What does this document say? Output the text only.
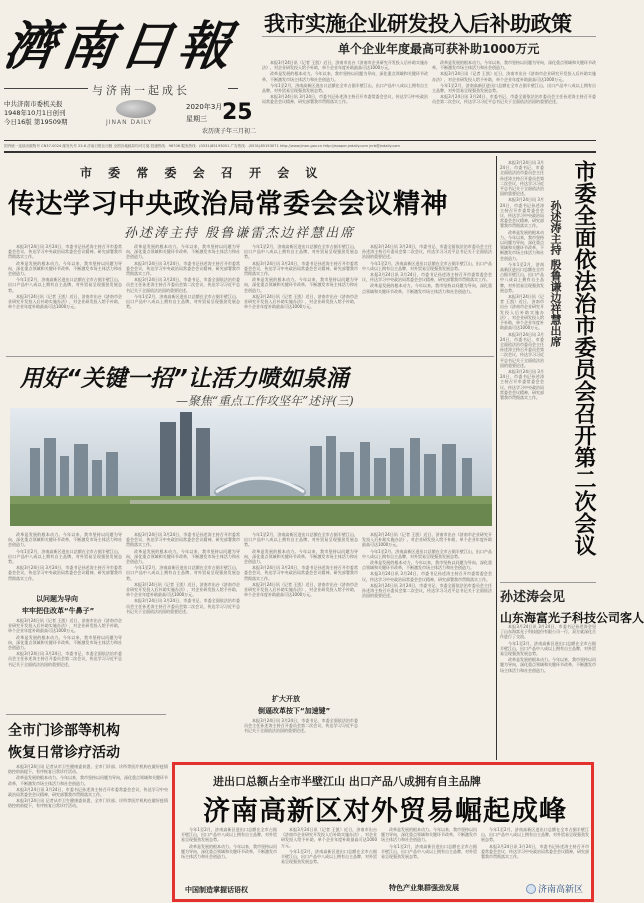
濟南日報
与济南一起成长
中共济南市委机关报
1948年10月1日创刊
今日16版 第19509期	JINAN DAILY
2020年3月 25
星期三
农历庚子年三月初二
国内统一连续出版物号 CN37-0024 邮发代号 23-8 济南日报社出版 全国各地邮局均可订阅 投递热线：96706 服务热线：(0531)85193051 广告热线：(0531)85193071 http://www.jinan.gov.cn http://epaper.jndaily.com jnrb@jndaily.com
我市实施企业研发投入后补助政策
单个企业年度最高可获补助1000万元

本报3月24日讯（记者 王凯）近日，济南市出台《济南市企业研究开发投入后补助实施办法》，对企业研发投入给予补助，单个企业年度补助最高可达1000万元。

改革是发展的根本动力。今年以来，我市坚持以问题为导向，深化重点领域和关键环节改革，不断激发市场主体活力和社会创造力。

今年1至2月，济南高新区进出口总额在全市占据半壁江山，出口产品中八成以上拥有自主品牌，对外贸易呈现强劲发展态势。

本报3月24日讯 3月24日，市委书记孙述涛主持召开市委常委会会议，传达学习中央政治局常委会会议精神，研究部署我市贯彻落实工作。

改革是发展的根本动力。今年以来，我市坚持以问题为导向，深化重点领域和关键环节改革，不断激发市场主体活力和社会创造力。

本报3月24日讯（记者 王凯）近日，济南市出台《济南市企业研究开发投入后补助实施办法》，对企业研发投入给予补助，单个企业年度补助最高可达1000万元。

今年1至2月，济南高新区进出口总额在全市占据半壁江山，出口产品中八成以上拥有自主品牌，对外贸易呈现强劲发展态势。

本报3月24日讯 3月24日，市委书记、市委全面依法治市委员会主任孙述涛主持召开委员会第二次会议，传达学习习近平总书记关于全面依法治国的重要论述。

市 委 常 委 会 召 开 会 议
传达学习中央政治局常委会会议精神
孙述涛主持 殷鲁谦雷杰边祥慧出席

本报3月24日讯 3月24日，市委书记孙述涛主持召开市委常委会会议，传达学习中央政治局常委会会议精神，研究部署我市贯彻落实工作。

改革是发展的根本动力。今年以来，我市坚持以问题为导向，深化重点领域和关键环节改革，不断激发市场主体活力和社会创造力。

今年1至2月，济南高新区进出口总额在全市占据半壁江山，出口产品中八成以上拥有自主品牌，对外贸易呈现强劲发展态势。

本报3月24日讯（记者 王凯）近日，济南市出台《济南市企业研究开发投入后补助实施办法》，对企业研发投入给予补助，单个企业年度补助最高可达1000万元。

改革是发展的根本动力。今年以来，我市坚持以问题为导向，深化重点领域和关键环节改革，不断激发市场主体活力和社会创造力。

本报3月24日讯 3月24日，市委书记孙述涛主持召开市委常委会会议，传达学习中央政治局常委会会议精神，研究部署我市贯彻落实工作。

本报3月24日讯 3月24日，市委书记、市委全面依法治市委员会主任孙述涛主持召开委员会第二次会议，传达学习习近平总书记关于全面依法治国的重要论述。

今年1至2月，济南高新区进出口总额在全市占据半壁江山，出口产品中八成以上拥有自主品牌，对外贸易呈现强劲发展态势。

今年1至2月，济南高新区进出口总额在全市占据半壁江山，出口产品中八成以上拥有自主品牌，对外贸易呈现强劲发展态势。

本报3月24日讯 3月24日，市委书记孙述涛主持召开市委常委会会议，传达学习中央政治局常委会会议精神，研究部署我市贯彻落实工作。

改革是发展的根本动力。今年以来，我市坚持以问题为导向，深化重点领域和关键环节改革，不断激发市场主体活力和社会创造力。

本报3月24日讯（记者 王凯）近日，济南市出台《济南市企业研究开发投入后补助实施办法》，对企业研发投入给予补助，单个企业年度补助最高可达1000万元。

本报3月24日讯 3月24日，市委书记、市委全面依法治市委员会主任孙述涛主持召开委员会第二次会议，传达学习习近平总书记关于全面依法治国的重要论述。

今年1至2月，济南高新区进出口总额在全市占据半壁江山，出口产品中八成以上拥有自主品牌，对外贸易呈现强劲发展态势。

本报3月24日讯 3月24日，市委书记孙述涛主持召开市委常委会会议，传达学习中央政治局常委会会议精神，研究部署我市贯彻落实工作。

改革是发展的根本动力。今年以来，我市坚持以问题为导向，深化重点领域和关键环节改革，不断激发市场主体活力和社会创造力。

用好“关键一招”让活力喷如泉涌
—聚焦“重点工作攻坚年”述评(三)

改革是发展的根本动力。今年以来，我市坚持以问题为导向，深化重点领域和关键环节改革，不断激发市场主体活力和社会创造力。

今年1至2月，济南高新区进出口总额在全市占据半壁江山，出口产品中八成以上拥有自主品牌，对外贸易呈现强劲发展态势。

本报3月24日讯 3月24日，市委书记孙述涛主持召开市委常委会会议，传达学习中央政治局常委会会议精神，研究部署我市贯彻落实工作。

以问题为导向
牢牢把住改革“牛鼻子”

本报3月24日讯（记者 王凯）近日，济南市出台《济南市企业研究开发投入后补助实施办法》，对企业研发投入给予补助，单个企业年度补助最高可达1000万元。

改革是发展的根本动力。今年以来，我市坚持以问题为导向，深化重点领域和关键环节改革，不断激发市场主体活力和社会创造力。

本报3月24日讯 3月24日，市委书记、市委全面依法治市委员会主任孙述涛主持召开委员会第二次会议，传达学习习近平总书记关于全面依法治国的重要论述。

本报3月24日讯 3月24日，市委书记孙述涛主持召开市委常委会会议，传达学习中央政治局常委会会议精神，研究部署我市贯彻落实工作。

改革是发展的根本动力。今年以来，我市坚持以问题为导向，深化重点领域和关键环节改革，不断激发市场主体活力和社会创造力。

今年1至2月，济南高新区进出口总额在全市占据半壁江山，出口产品中八成以上拥有自主品牌，对外贸易呈现强劲发展态势。

本报3月24日讯（记者 王凯）近日，济南市出台《济南市企业研究开发投入后补助实施办法》，对企业研发投入给予补助，单个企业年度补助最高可达1000万元。

本报3月24日讯 3月24日，市委书记、市委全面依法治市委员会主任孙述涛主持召开委员会第二次会议，传达学习习近平总书记关于全面依法治国的重要论述。

今年1至2月，济南高新区进出口总额在全市占据半壁江山，出口产品中八成以上拥有自主品牌，对外贸易呈现强劲发展态势。

改革是发展的根本动力。今年以来，我市坚持以问题为导向，深化重点领域和关键环节改革，不断激发市场主体活力和社会创造力。

本报3月24日讯 3月24日，市委书记孙述涛主持召开市委常委会会议，传达学习中央政治局常委会会议精神，研究部署我市贯彻落实工作。

本报3月24日讯（记者 王凯）近日，济南市出台《济南市企业研究开发投入后补助实施办法》，对企业研发投入给予补助，单个企业年度补助最高可达1000万元。

扩大开放
倒逼改革按下“加速键”

本报3月24日讯 3月24日，市委书记、市委全面依法治市委员会主任孙述涛主持召开委员会第二次会议，传达学习习近平总书记关于全面依法治国的重要论述。

本报3月24日讯（记者 王凯）近日，济南市出台《济南市企业研究开发投入后补助实施办法》，对企业研发投入给予补助，单个企业年度补助最高可达1000万元。

今年1至2月，济南高新区进出口总额在全市占据半壁江山，出口产品中八成以上拥有自主品牌，对外贸易呈现强劲发展态势。

改革是发展的根本动力。今年以来，我市坚持以问题为导向，深化重点领域和关键环节改革，不断激发市场主体活力和社会创造力。

本报3月24日讯 3月24日，市委书记孙述涛主持召开市委常委会会议，传达学习中央政治局常委会会议精神，研究部署我市贯彻落实工作。

本报3月24日讯 3月24日，市委书记、市委全面依法治市委员会主任孙述涛主持召开委员会第二次会议，传达学习习近平总书记关于全面依法治国的重要论述。

市委全面依法治市委员会召开第二次会议
孙述涛主持 殷鲁谦边祥慧出席

本报3月24日讯 3月24日，市委书记、市委全面依法治市委员会主任孙述涛主持召开委员会第二次会议，传达学习习近平总书记关于全面依法治国的重要论述。

本报3月24日讯 3月24日，市委书记孙述涛主持召开市委常委会会议，传达学习中央政治局常委会会议精神，研究部署我市贯彻落实工作。

改革是发展的根本动力。今年以来，我市坚持以问题为导向，深化重点领域和关键环节改革，不断激发市场主体活力和社会创造力。

今年1至2月，济南高新区进出口总额在全市占据半壁江山，出口产品中八成以上拥有自主品牌，对外贸易呈现强劲发展态势。

本报3月24日讯（记者 王凯）近日，济南市出台《济南市企业研究开发投入后补助实施办法》，对企业研发投入给予补助，单个企业年度补助最高可达1000万元。

本报3月24日讯 3月24日，市委书记、市委全面依法治市委员会主任孙述涛主持召开委员会第二次会议，传达学习习近平总书记关于全面依法治国的重要论述。

本报3月24日讯 3月24日，市委书记孙述涛主持召开市委常委会会议，传达学习中央政治局常委会会议精神，研究部署我市贯彻落实工作。

孙述涛会见
山东海富光子科技公司客人

本报3月24日讯 3月24日，市委书记孙述涛会见了山东海富光子科技股份有限公司一行，双方就深化合作进行了交流。

今年1至2月，济南高新区进出口总额在全市占据半壁江山，出口产品中八成以上拥有自主品牌，对外贸易呈现强劲发展态势。

改革是发展的根本动力。今年以来，我市坚持以问题为导向，深化重点领域和关键环节改革，不断激发市场主体活力和社会创造力。

全市门诊部等机构
恢复日常诊疗活动

本报3月24日讯 记者从市卫生健康委获悉，全市门诊部、诊所等医疗机构在做好疫情防控的前提下，有序恢复日常诊疗活动。

改革是发展的根本动力。今年以来，我市坚持以问题为导向，深化重点领域和关键环节改革，不断激发市场主体活力和社会创造力。

本报3月24日讯 3月24日，市委书记孙述涛主持召开市委常委会会议，传达学习中央政治局常委会会议精神，研究部署我市贯彻落实工作。

本报3月24日讯 记者从市卫生健康委获悉，全市门诊部、诊所等医疗机构在做好疫情防控的前提下，有序恢复日常诊疗活动。

进出口总额占全市半壁江山 出口产品八成拥有自主品牌
济南高新区对外贸易崛起成峰

今年1至2月，济南高新区进出口总额在全市占据半壁江山，出口产品中八成以上拥有自主品牌，对外贸易呈现强劲发展态势。

改革是发展的根本动力。今年以来，我市坚持以问题为导向，深化重点领域和关键环节改革，不断激发市场主体活力和社会创造力。

中国制造掌握话语权

本报3月24日讯（记者 王凯）近日，济南市出台《济南市企业研究开发投入后补助实施办法》，对企业研发投入给予补助，单个企业年度补助最高可达1000万元。

今年1至2月，济南高新区进出口总额在全市占据半壁江山，出口产品中八成以上拥有自主品牌，对外贸易呈现强劲发展态势。

改革是发展的根本动力。今年以来，我市坚持以问题为导向，深化重点领域和关键环节改革，不断激发市场主体活力和社会创造力。

今年1至2月，济南高新区进出口总额在全市占据半壁江山，出口产品中八成以上拥有自主品牌，对外贸易呈现强劲发展态势。

特色产业集群强劲发展

今年1至2月，济南高新区进出口总额在全市占据半壁江山，出口产品中八成以上拥有自主品牌，对外贸易呈现强劲发展态势。

本报3月24日讯 3月24日，市委书记孙述涛主持召开市委常委会会议，传达学习中央政治局常委会会议精神，研究部署我市贯彻落实工作。

济南高新区
